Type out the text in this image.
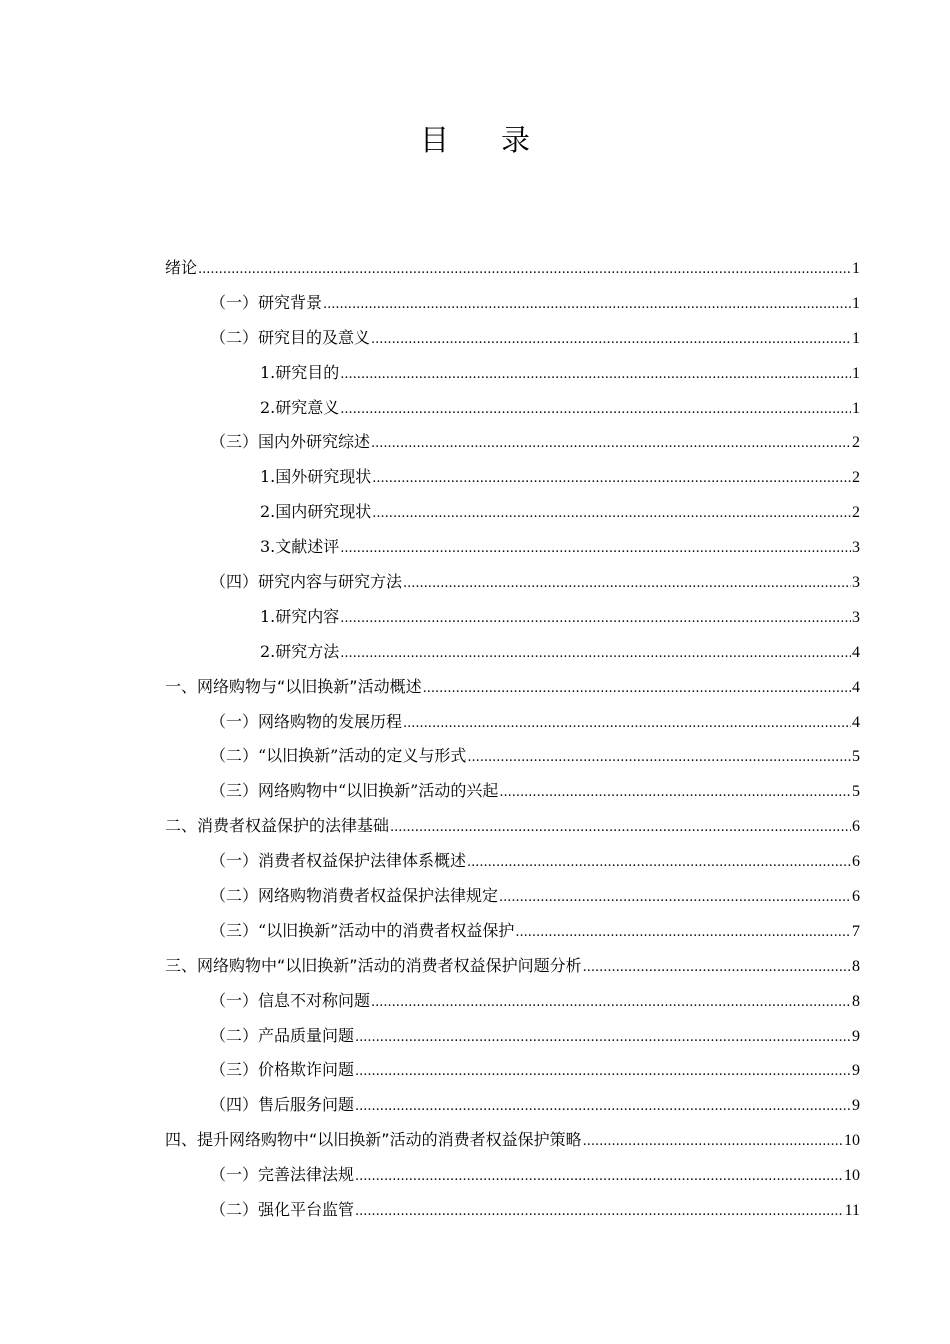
目 录
绪论 .....	1
（一）研究背景 .....	1
（二）研究目的及意义 .....	1
1.研究目的 .....	1
2.研究意义 .....	1
（三）国内外研究综述 .....	2
1.国外研究现状 .....	2
2.国内研究现状 .....	2
3.文献述评 .....	3
（四）研究内容与研究方法 .....	3
1.研究内容 .....	3
2.研究方法 .....	4
一、网络购物与“以旧换新”活动概述 .....	4
（一）网络购物的发展历程 .....	4
（二）“以旧换新”活动的定义与形式 .....	5
（三）网络购物中“以旧换新”活动的兴起 .....	5
二、消费者权益保护的法律基础 .....	6
（一）消费者权益保护法律体系概述 .....	6
（二）网络购物消费者权益保护法律规定 .....	6
（三）“以旧换新”活动中的消费者权益保护 .....	7
三、网络购物中“以旧换新”活动的消费者权益保护问题分析 .....	8
（一）信息不对称问题 .....	8
（二）产品质量问题 .....	9
（三）价格欺诈问题 .....	9
（四）售后服务问题 .....	9
四、提升网络购物中“以旧换新”活动的消费者权益保护策略 .....	10
（一）完善法律法规 .....	10
（二）强化平台监管 .....	11
